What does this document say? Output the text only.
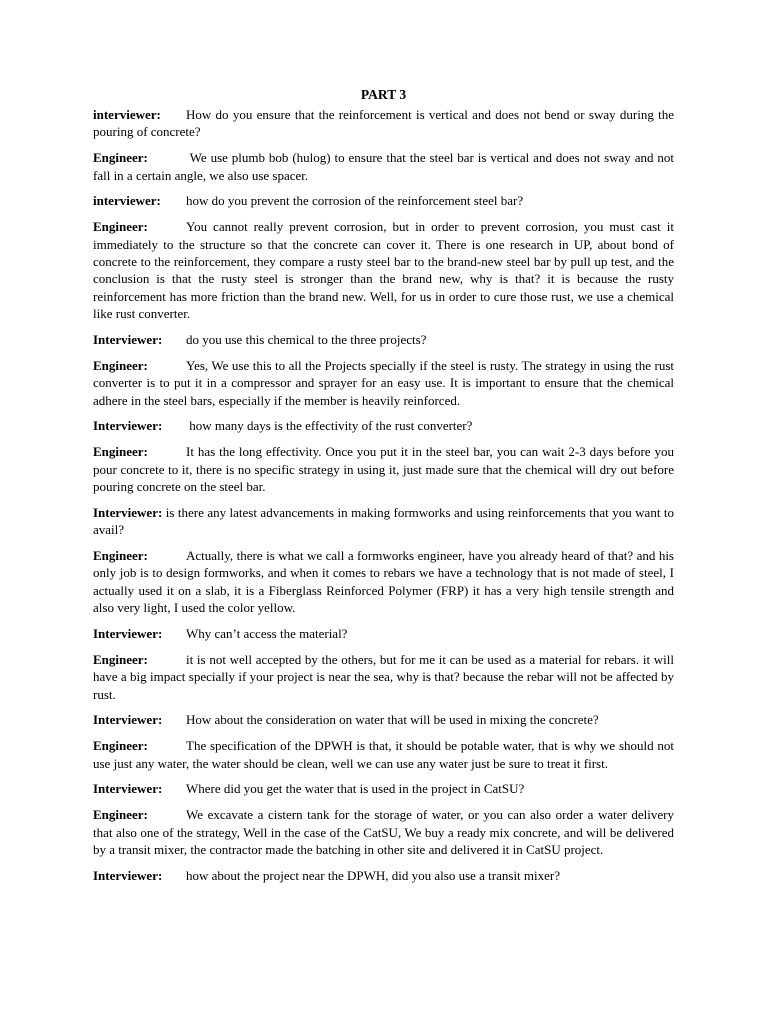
PART 3

interviewer: How do you ensure that the reinforcement is vertical and does not bend or sway during the pouring of concrete?

Engineer:	We use plumb bob (hulog) to ensure that the steel bar is vertical and does not sway and not fall in a certain angle, we also use spacer.

interviewer: how do you prevent the corrosion of the reinforcement steel bar?

Engineer:	You cannot really prevent corrosion, but in order to prevent corrosion, you must cast it immediately to the structure so that the concrete can cover it. There is one research in UP, about bond of concrete to the reinforcement, they compare a rusty steel bar to the brand-new steel bar by pull up test, and the conclusion is that the rusty steel is stronger than the brand new, why is that? it is because the rusty reinforcement has more friction than the brand new. Well, for us in order to cure those rust, we use a chemical like rust converter.

Interviewer: do you use this chemical to the three projects?

Engineer:	Yes, We use this to all the Projects specially if the steel is rusty. The strategy in using the rust converter is to put it in a compressor and sprayer for an easy use. It is important to ensure that the chemical adhere in the steel bars, especially if the member is heavily reinforced.

Interviewer: how many days is the effectivity of the rust converter?

Engineer:	It has the long effectivity. Once you put it in the steel bar, you can wait 2-3 days before you pour concrete to it, there is no specific strategy in using it, just made sure that the chemical will dry out before pouring concrete on the steel bar.

Interviewer: is there any latest advancements in making formworks and using reinforcements that you want to avail?

Engineer:	Actually, there is what we call a formworks engineer, have you already heard of that? and his only job is to design formworks, and when it comes to rebars we have a technology that is not made of steel, I actually used it on a slab, it is a Fiberglass Reinforced Polymer (FRP) it has a very high tensile strength and also very light, I used the color yellow.

Interviewer: Why can’t access the material?

Engineer:	it is not well accepted by the others, but for me it can be used as a material for rebars. it will have a big impact specially if your project is near the sea, why is that? because the rebar will not be affected by rust.

Interviewer: How about the consideration on water that will be used in mixing the concrete?

Engineer:	The specification of the DPWH is that, it should be potable water, that is why we should not use just any water, the water should be clean, well we can use any water just be sure to treat it first.

Interviewer: Where did you get the water that is used in the project in CatSU?

Engineer:	We excavate a cistern tank for the storage of water, or you can also order a water delivery that also one of the strategy, Well in the case of the CatSU, We buy a ready mix concrete, and will be delivered by a transit mixer, the contractor made the batching in other site and delivered it in CatSU project.

Interviewer: how about the project near the DPWH, did you also use a transit mixer?
